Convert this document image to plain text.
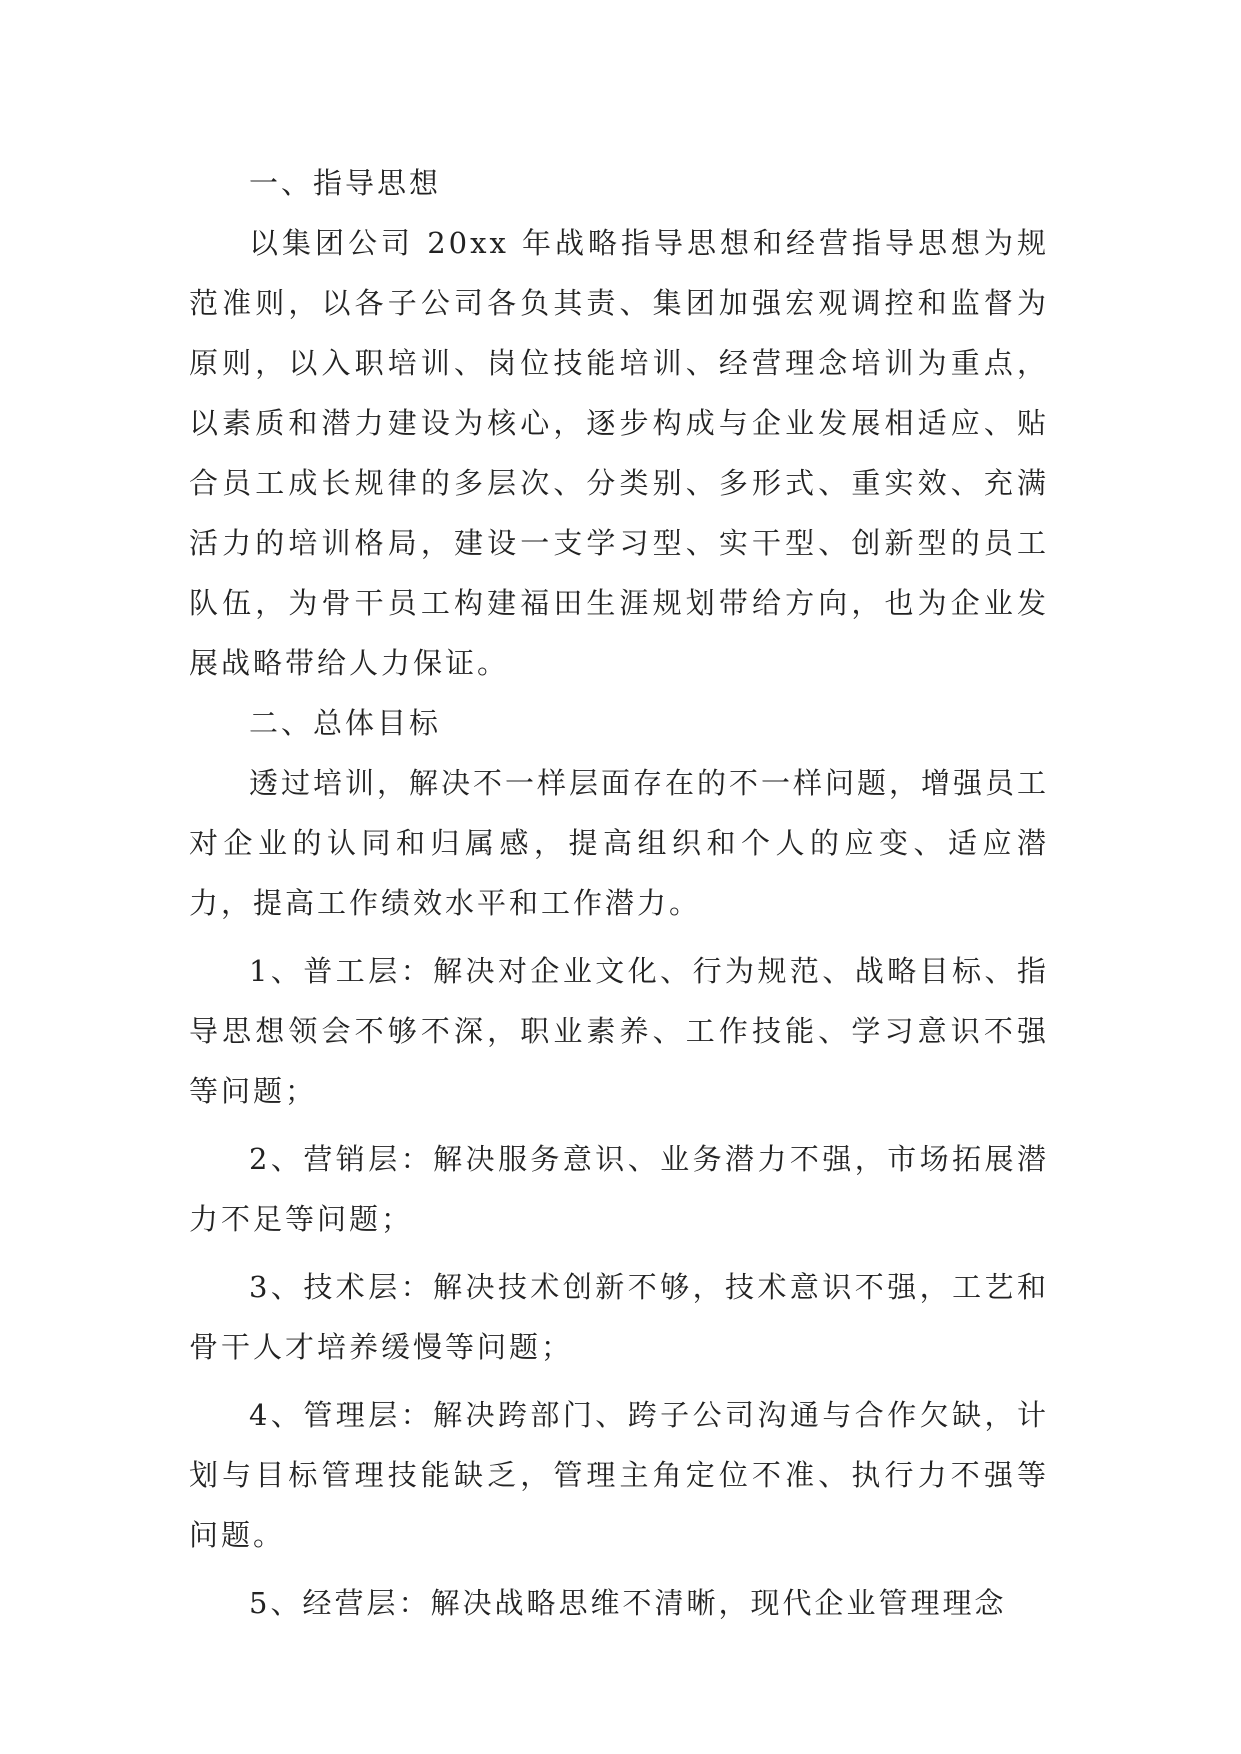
一、指导思想

以集团公司 20xx 年战略指导思想和经营指导思想为规范准则，以各子公司各负其责、集团加强宏观调控和监督为原则，以入职培训、岗位技能培训、经营理念培训为重点，以素质和潜力建设为核心，逐步构成与企业发展相适应、贴合员工成长规律的多层次、分类别、多形式、重实效、充满活力的培训格局，建设一支学习型、实干型、创新型的员工队伍，为骨干员工构建福田生涯规划带给方向，也为企业发展战略带给人力保证。

二、总体目标

透过培训，解决不一样层面存在的不一样问题，增强员工对企业的认同和归属感，提高组织和个人的应变、适应潜力，提高工作绩效水平和工作潜力。

1、普工层：解决对企业文化、行为规范、战略目标、指导思想领会不够不深，职业素养、工作技能、学习意识不强等问题；

2、营销层：解决服务意识、业务潜力不强，市场拓展潜力不足等问题；

3、技术层：解决技术创新不够，技术意识不强，工艺和骨干人才培养缓慢等问题；

4、管理层：解决跨部门、跨子公司沟通与合作欠缺，计划与目标管理技能缺乏，管理主角定位不准、执行力不强等问题。

5、经营层：解决战略思维不清晰，现代企业管理理念
